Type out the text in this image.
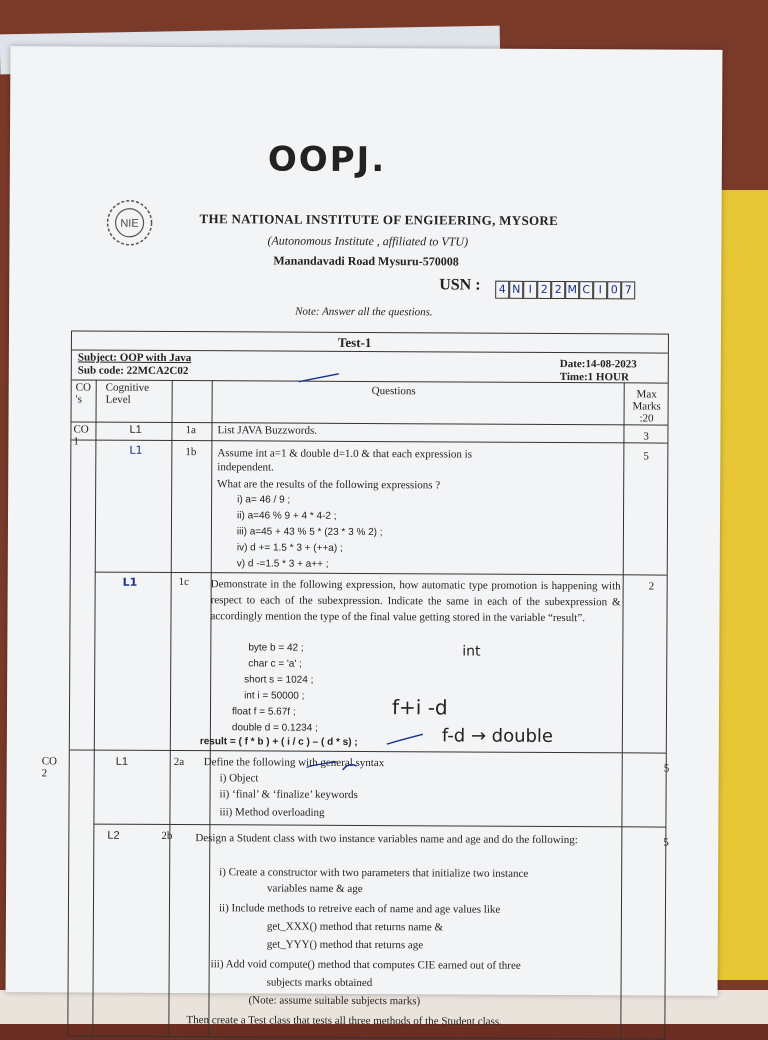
OOPJ.
NIE	THE NATIONAL INSTITUTE OF ENGIEERING, MYSORE
(Autonomous Institute , affiliated to VTU)
Manandavadi Road Mysuru-570008
USN :	4 N I 2 2 M C I 0 7
Note: Answer all the questions.
Test-1
Subject: OOP with Java
Sub code: 22MCA2C02
Date:14-08-2023
Time:1 HOUR
CO 's
Cognitive Level
Questions	Max Marks :20
CO 1
L1	1a List JAVA Buzzwords.	3
L1	1b Assume int a=1 & double d=1.0 & that each expression is independent.
What are the results of the following expressions ?
i) a= 46 / 9 ;
ii) a=46 % 9 + 4 * 4-2 ;
iii) a=45 + 43 % 5 * (23 * 3 % 2) ;
iv) d += 1.5 * 3 + (++a) ;
v) d -=1.5 * 3 + a++ ;
5
L1	1c Demonstrate in the following expression, how automatic type promotion is happening with respect to each of the subexpression. Indicate the same in each of the subexpression & accordingly mention the type of the final value getting stored in the variable “result”.
byte b = 42 ;
char c = 'a' ;
short s = 1024 ;
int i = 50000 ;
float f = 5.67f ;
double d = 0.1234 ;
result = ( f * b ) + ( i / c ) – ( d * s) ;
2
int
f+i -d
f-d → double
CO 2
L1	2a Define the following with general syntax
i) Object
ii) ‘final’ & ‘finalize’ keywords
iii) Method overloading
5
L2	2b Design a Student class with two instance variables name and age and do the following:
i) Create a constructor with two parameters that initialize two instance
variables name & age
ii) Include methods to retreive each of name and age values like
get_XXX() method that returns name &
get_YYY() method that returns age
iii) Add void compute() method that computes CIE earned out of three
subjects marks obtained
(Note: assume suitable subjects marks)
Then create a Test class that tests all three methods of the Student class.
5
